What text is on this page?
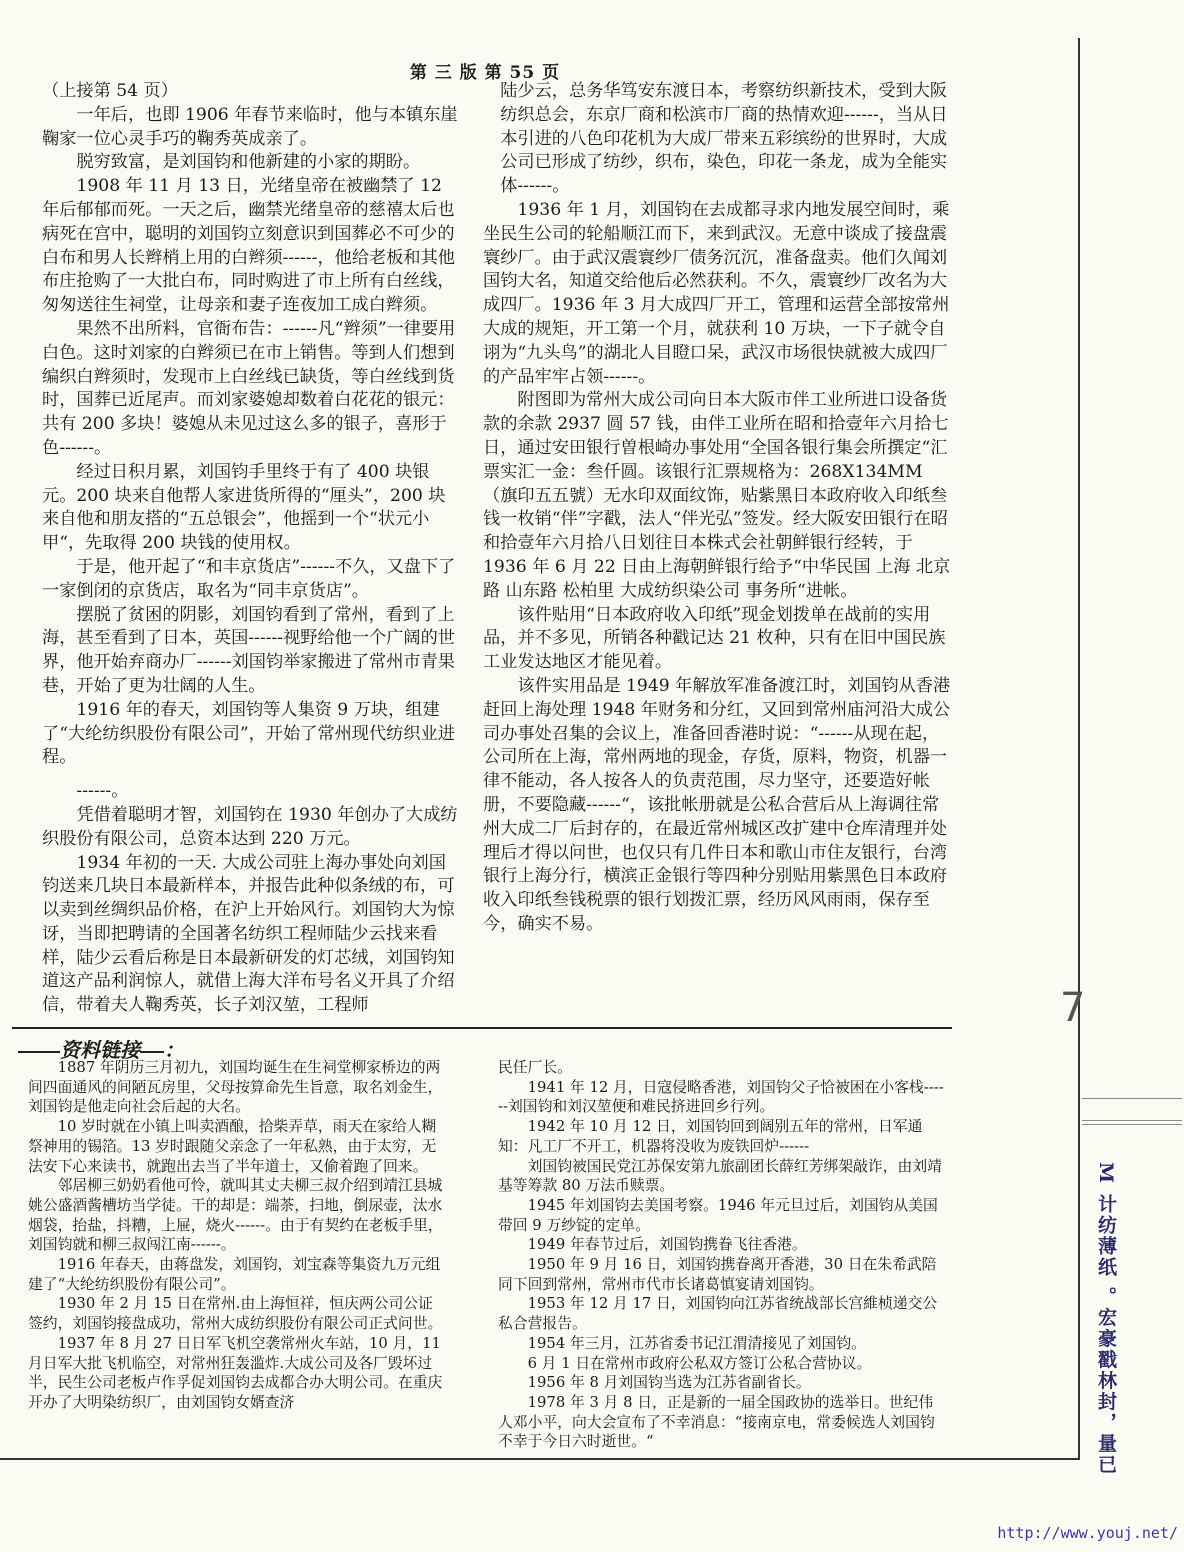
第 三 版 第 55 页

（上接第 54 页）

一年后，也即 1906 年春节来临时，他与本镇东崖鞠家一位心灵手巧的鞠秀英成亲了。

脱穷致富，是刘国钧和他新建的小家的期盼。

1908 年 11 月 13 日，光绪皇帝在被幽禁了 12 年后郁郁而死。一天之后，幽禁光绪皇帝的慈禧太后也病死在宫中，聪明的刘国钧立刻意识到国葬必不可少的白布和男人长辫梢上用的白辫须------，他给老板和其他布庄抢购了一大批白布，同时购进了市上所有白丝线，匆匆送往生祠堂，让母亲和妻子连夜加工成白辫须。

果然不出所料，官衙布告：------凡“辫须”一律要用白色。这时刘家的白辫须已在市上销售。等到人们想到编织白辫须时，发现市上白丝线已缺货，等白丝线到货时，国葬已近尾声。而刘家婆媳却数着白花花的银元：共有 200 多块！婆媳从未见过这么多的银子，喜形于色------。

经过日积月累，刘国钧手里终于有了 400 块银元。200 块来自他帮人家进货所得的“厘头”，200 块来自他和朋友搭的“五总银会”，他摇到一个“状元小甲“，先取得 200 块钱的使用权。

于是，他开起了“和丰京货店”------不久，又盘下了一家倒闭的京货店，取名为“同丰京货店”。

摆脱了贫困的阴影，刘国钧看到了常州，看到了上海，甚至看到了日本，英国------视野给他一个广阔的世界，他开始弃商办厂------刘国钧举家搬进了常州市青果巷，开始了更为壮阔的人生。

1916 年的春天，刘国钧等人集资 9 万块，组建了“大纶纺织股份有限公司”，开始了常州现代纺织业进程。

------。

凭借着聪明才智，刘国钧在 1930 年创办了大成纺织股份有限公司，总资本达到 220 万元。

1934 年初的一天. 大成公司驻上海办事处向刘国钧送来几块日本最新样本，并报告此种似条绒的布，可以卖到丝绸织品价格，在沪上开始风行。刘国钧大为惊讶，当即把聘请的全国著名纺织工程师陆少云找来看样，陆少云看后称是日本最新研发的灯芯绒，刘国钧知道这产品利润惊人，就借上海大洋布号名义开具了介绍信，带着夫人鞠秀英，长子刘汉堃，工程师

陆少云，总务华笃安东渡日本，考察纺织新技术，受到大阪纺织总会，东京厂商和松滨市厂商的热情欢迎------，当从日本引进的八色印花机为大成厂带来五彩缤纷的世界时，大成公司已形成了纺纱，织布，染色，印花一条龙，成为全能实体------。

1936 年 1 月，刘国钧在去成都寻求内地发展空间时，乘坐民生公司的轮船顺江而下，来到武汉。无意中谈成了接盘震寰纱厂。由于武汉震寰纱厂债务沉沉，准备盘卖。他们久闻刘国钧大名，知道交给他后必然获利。不久，震寰纱厂改名为大成四厂。1936 年 3 月大成四厂开工，管理和运营全部按常州大成的规矩，开工第一个月，就获利 10 万块，一下子就令自诩为“九头鸟”的湖北人目瞪口呆，武汉市场很快就被大成四厂的产品牢牢占领------。

附图即为常州大成公司向日本大阪市伴工业所进口设备货款的余款 2937 圆 57 钱，由伴工业所在昭和拾壹年六月拾七日，通过安田银行曽根崎办事处用“全国各银行集会所撰定“汇票实汇一金：叁仟圆。该银行汇票规格为：268X134MM（旗印五五號）无水印双面纹饰，贴紫黑日本政府收入印纸叁钱一枚销“伴”字戳，法人“伴光弘”签发。经大阪安田银行在昭和拾壹年六月拾八日划往日本株式会社朝鲜银行经转，于 1936 年 6 月 22 日由上海朝鲜银行给予“中华民国 上海 北京路 山东路 松柏里 大成纺织染公司 事务所“进帐。

该件贴用“日本政府收入印纸”现金划拨单在战前的实用品，并不多见，所销各种戳记达 21 枚种，只有在旧中国民族工业发达地区才能见着。

该件实用品是 1949 年解放军准备渡江时，刘国钧从香港赶回上海处理 1948 年财务和分红，又回到常州庙河沿大成公司办事处召集的会议上，准备回香港时说：“------从现在起，公司所在上海，常州两地的现金，存货，原料，物资，机器一律不能动，各人按各人的负责范围，尽力坚守，还要造好帐册，不要隐藏------“，该批帐册就是公私合营后从上海调往常州大成二厂后封存的，在最近常州城区改扩建中仓库清理并处理后才得以问世，也仅只有几件日本和歌山市住友银行，台湾银行上海分行，横滨正金银行等四种分别贴用紫黑色日本政府收入印纸叁钱税票的银行划拨汇票，经历风风雨雨，保存至今，确实不易。

资料链接 ：

1887 年阴历三月初九，刘国均诞生在生祠堂柳家桥边的两间四面通风的间陋瓦房里，父母按算命先生旨意，取名刘金生，刘国钧是他走向社会后起的大名。

10 岁时就在小镇上叫卖酒酿，拾柴弄草，雨天在家给人糊祭神用的锡箔。13 岁时跟随父亲念了一年私熟，由于太穷，无法安下心来读书，就跑出去当了半年道士，又偷着跑了回来。

邻居柳三奶奶看他可怜，就叫其丈夫柳三叔介绍到靖江县城姚公盛酒酱槽坊当学徒。干的却是：端茶，扫地，倒尿壶，汰水烟袋，抬盐，抖糟，上屉，烧火------。由于有契约在老板手里，刘国钧就和柳三叔闯江南------。

1916 年春天，由蒋盘发，刘国钧，刘宝森等集资九万元组建了“大纶纺织股份有限公司”。

1930 年 2 月 15 日在常州.由上海恒祥，恒庆两公司公证签约，刘国钧接盘成功，常州大成纺织股份有限公司正式问世。

1937 年 8 月 27 日日军飞机空袭常州火车站，10 月，11 月日军大批飞机临空，对常州狂轰滥炸.大成公司及各厂毁坏过半，民生公司老板卢作孚促刘国钧去成都合办大明公司。在重庆开办了大明染纺织厂，由刘国钧女婿查济

民任厂长。

1941 年 12 月，日寇侵略香港，刘国钧父子恰被困在小客栈------刘国钧和刘汉堃便和难民挤进回乡行列。

1942 年 10 月 12 日，刘国钧回到阔别五年的常州，日军通知：凡工厂不开工，机器将没收为废铁回炉------

刘国钧被国民党江苏保安第九旅副团长薛红芳绑架敲诈，由刘靖基等筹款 80 万法币赎票。

1945 年刘国钧去美国考察。1946 年元旦过后，刘国钧从美国带回 9 万纱锭的定单。

1949 年春节过后，刘国钧携眷飞往香港。

1950 年 9 月 16 日，刘国钧携眷离开香港，30 日在朱希武陪同下回到常州，常州市代市长诸葛慎宴请刘国钧。

1953 年 12 月 17 日，刘国钧向江苏省统战部长宫維桢递交公私合营报告。

1954 年三月，江苏省委书记江渭清接见了刘国钧。

6 月 1 日在常州市政府公私双方签订公私合营协议。

1956 年 8 月刘国钧当选为江苏省副省长。

1978 年 3 月 8 日，正是新的一届全国政协的选举日。世纪伟人邓小平，向大会宣布了不幸消息：“接南京电，常委候选人刘国钧不幸于今日六时逝世。“

7
M 计纺薄纸 。宏豪戳林封，量已
http://www.youj.net/
